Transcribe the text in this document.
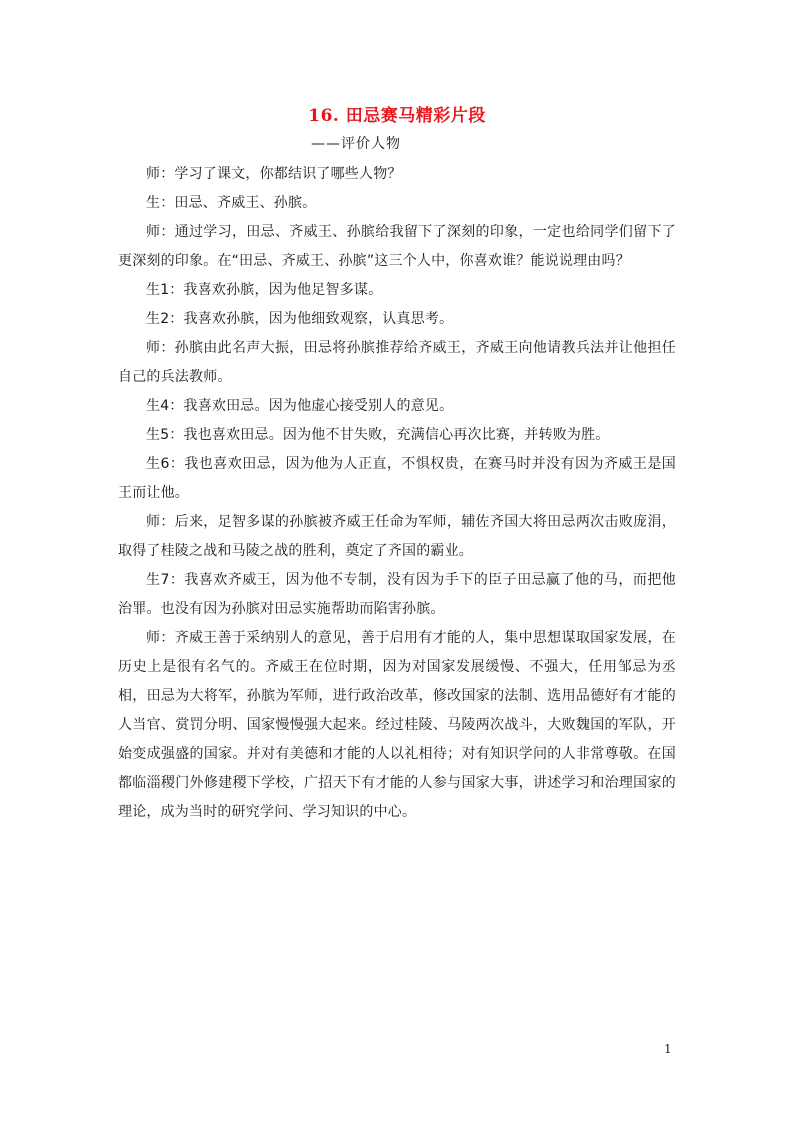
16. 田忌赛马精彩片段
——评价人物

师：学习了课文，你都结识了哪些人物？

生：田忌、齐威王、孙膑。

师：通过学习，田忌、齐威王、孙膑给我留下了深刻的印象，一定也给同学们留下了更深刻的印象。在“田忌、齐威王、孙膑”这三个人中，你喜欢谁？能说说理由吗？

生1：我喜欢孙膑，因为他足智多谋。

生2：我喜欢孙膑，因为他细致观察，认真思考。

师：孙膑由此名声大振，田忌将孙膑推荐给齐威王，齐威王向他请教兵法并让他担任自己的兵法教师。

生4：我喜欢田忌。因为他虚心接受别人的意见。

生5：我也喜欢田忌。因为他不甘失败，充满信心再次比赛，并转败为胜。

生6：我也喜欢田忌，因为他为人正直，不惧权贵，在赛马时并没有因为齐威王是国王而让他。

师：后来，足智多谋的孙膑被齐威王任命为军师，辅佐齐国大将田忌两次击败庞涓，取得了桂陵之战和马陵之战的胜利，奠定了齐国的霸业。

生7：我喜欢齐威王，因为他不专制，没有因为手下的臣子田忌赢了他的马，而把他治罪。也没有因为孙膑对田忌实施帮助而陷害孙膑。

师：齐威王善于采纳别人的意见，善于启用有才能的人，集中思想谋取国家发展，在历史上是很有名气的。齐威王在位时期，因为对国家发展缓慢、不强大，任用邹忌为丞相，田忌为大将军，孙膑为军师，进行政治改革，修改国家的法制、选用品德好有才能的人当官、赏罚分明、国家慢慢强大起来。经过桂陵、马陵两次战斗，大败魏国的军队，开始变成强盛的国家。并对有美德和才能的人以礼相待；对有知识学问的人非常尊敬。在国都临淄稷门外修建稷下学校，广招天下有才能的人参与国家大事，讲述学习和治理国家的理论，成为当时的研究学问、学习知识的中心。

1
